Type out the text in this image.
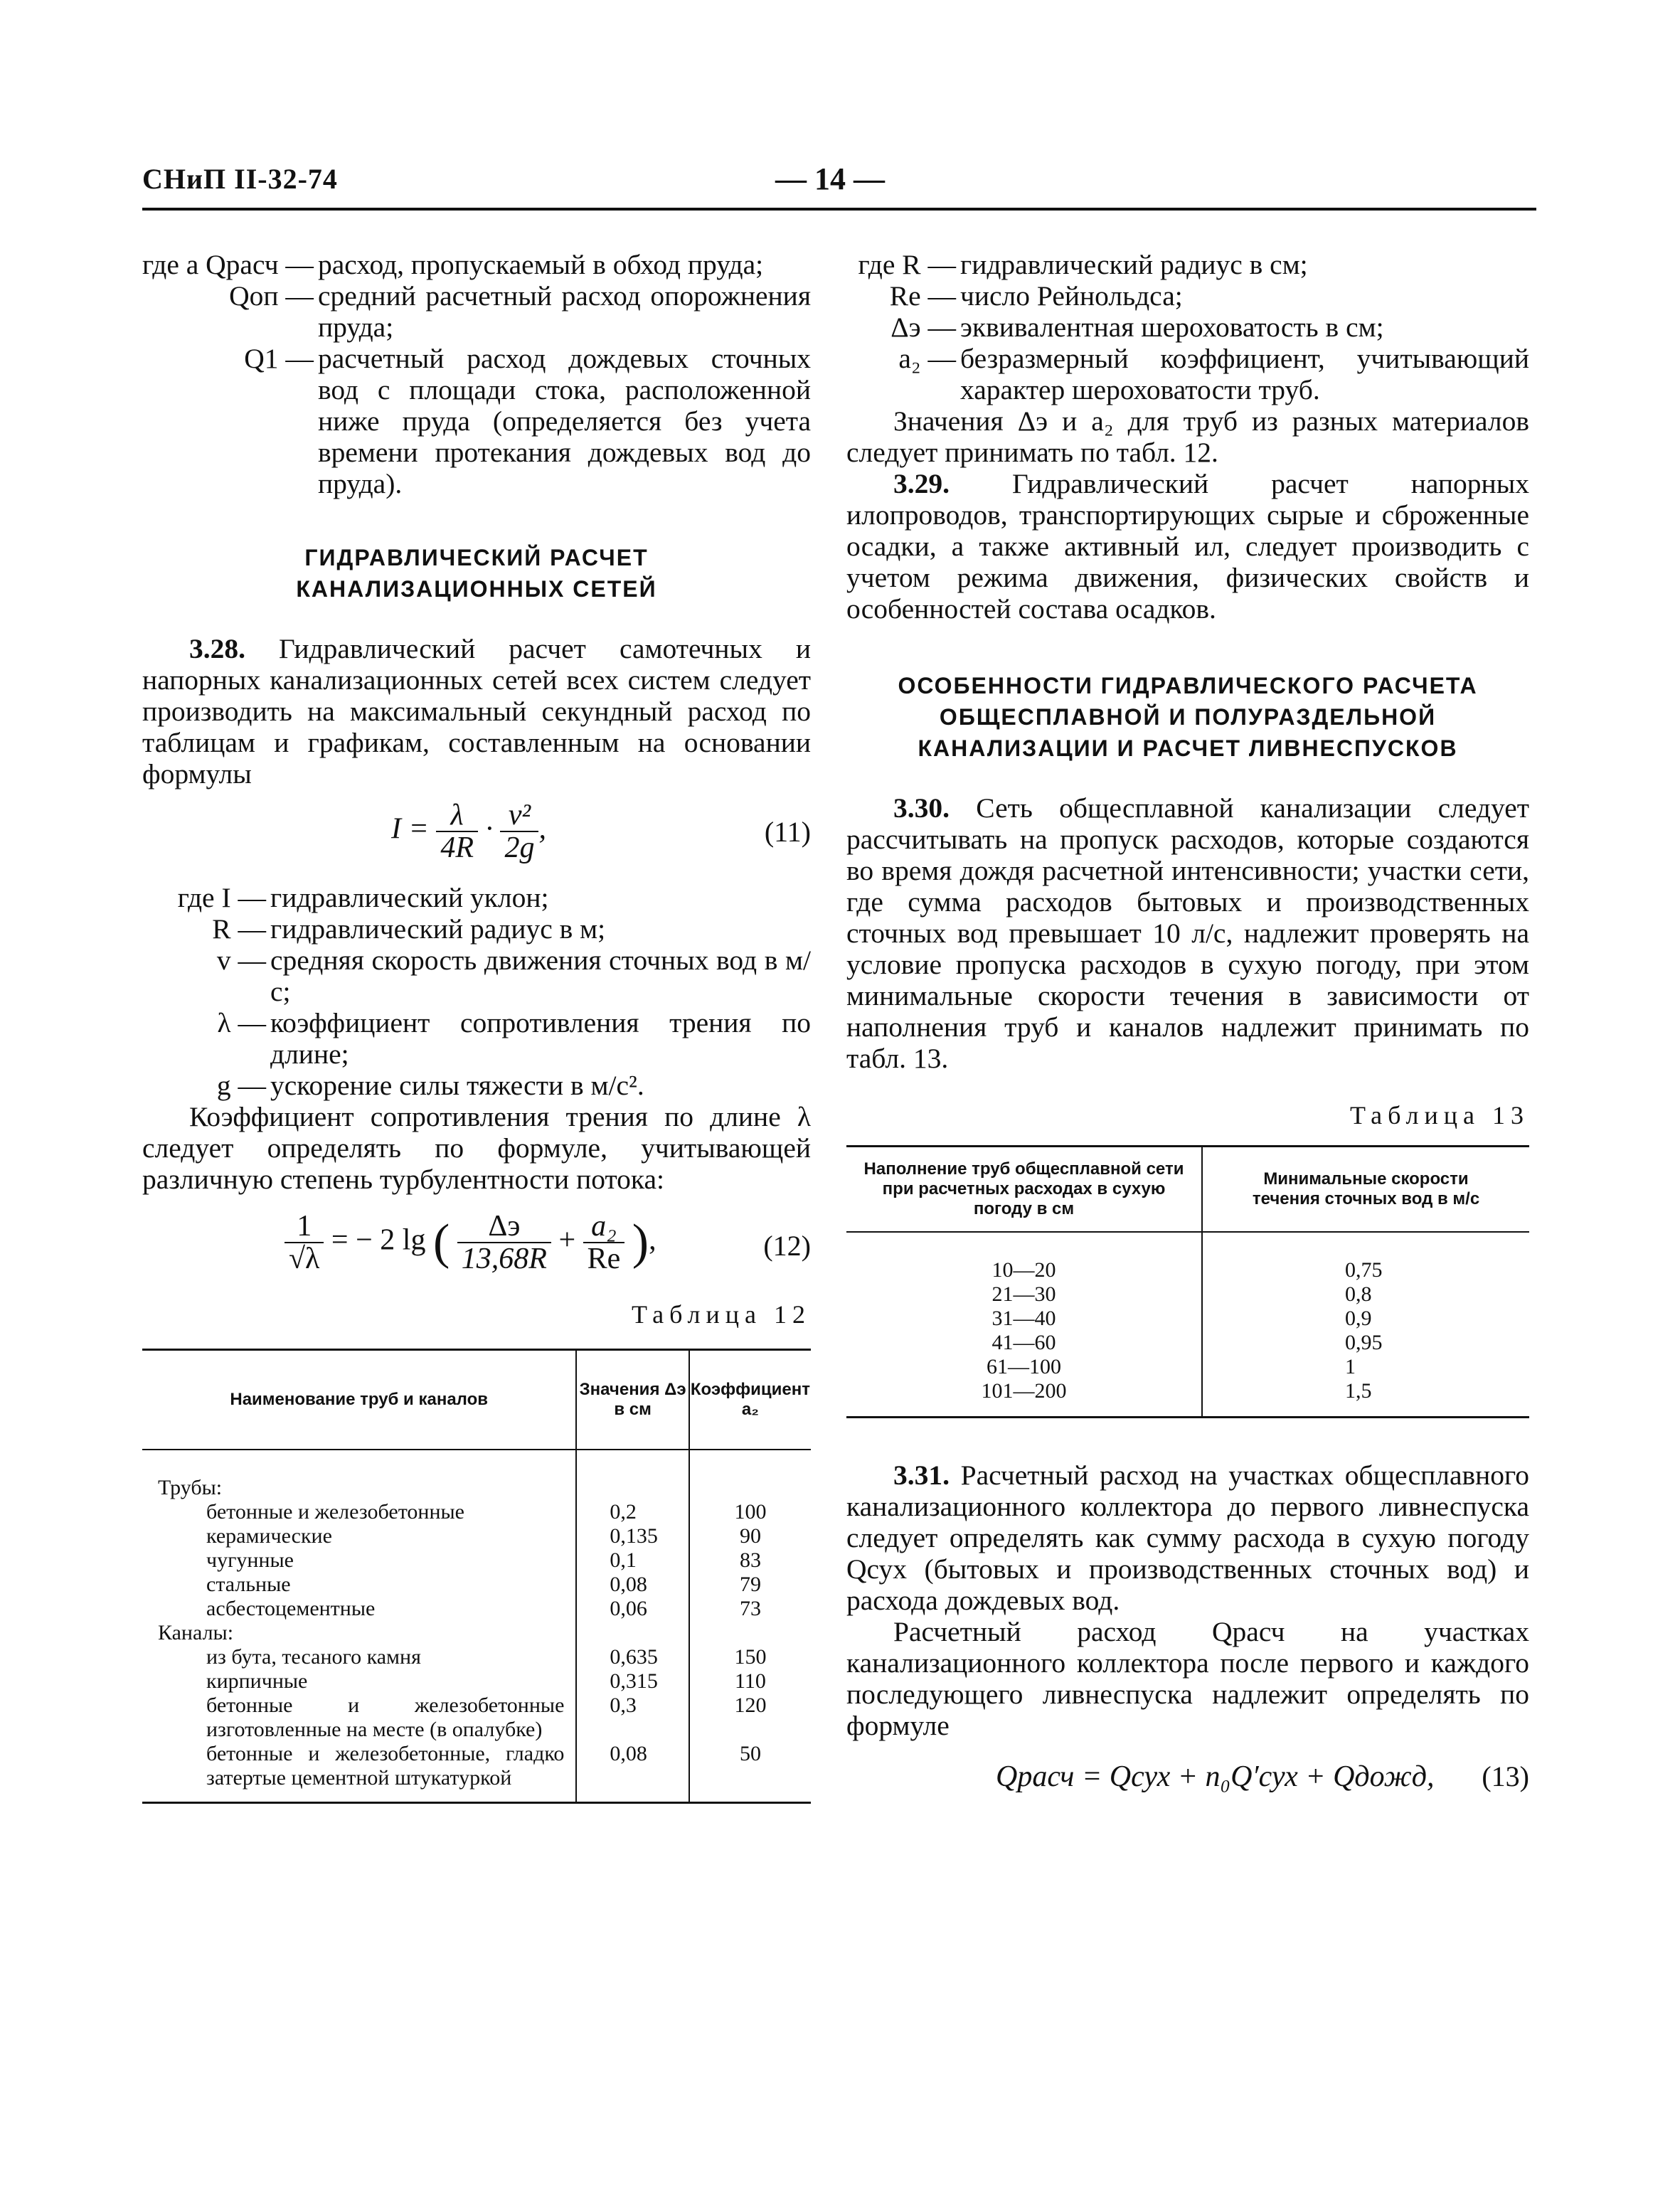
СНиП II-32-74	— 14 —
где a Qрасч —	расход, пропускаемый в обход пруда;
Qоп —	средний расчетный расход опорожнения пруда;
Q1 —	расчетный расход дождевых сточных вод с площади стока, расположенной ниже пруда (определяется без учета времени протекания дождевых вод до пруда).
ГИДРАВЛИЧЕСКИЙ РАСЧЕТ КАНАЛИЗАЦИОННЫХ СЕТЕЙ

3.28. Гидравлический расчет самотечных и напорных канализационных сетей всех систем следует производить на максимальный секундный расход по таблицам и графикам, составленным на основании формулы

$I = \frac{\lambda}{4R} \cdot \frac{\text{v²}}{2g}$ ,	(11)
где I —	гидравлический уклон;
R —	гидравлический радиус в м;
v —	средняя скорость движения сточных вод в м/с;
λ —	коэффициент сопротивления трения по длине;
g —	ускорение силы тяжести в м/с².

Коэффициент сопротивления трения по длине λ следует определять по формуле, учитывающей различную степень турбулентности потока:

$\frac{1}{√\lambda}$ = − 2 lg ( $\frac{\Delta э}{13,68R} + \frac{\text{a₂}}{Re}$ ),	(12)
Таблица 12
Наименование труб и каналов	Значения Δэ в см	Коэффициент a₂
Трубы:		
бетонные и железобетонные	0,2	100
керамические	0,135	90
чугунные	0,1	83
стальные	0,08	79
асбестоцементные	0,06	73
Каналы:		
из бута, тесаного камня	0,635	150
кирпичные	0,315	110
бетонные и железобетонные изготовленные на месте (в опалубке)	0,3	120
бетонные и железобетонные, гладко затертые цементной штукатуркой	0,08	50
где R —	гидравлический радиус в см;
Re —	число Рейнольдса;
Δэ —	эквивалентная шероховатость в см;
a₂ —	безразмерный коэффициент, учитывающий характер шероховатости труб.

Значения Δэ и a₂ для труб из разных материалов следует принимать по табл. 12.

3.29. Гидравлический расчет напорных илопроводов, транспортирующих сырые и сброженные осадки, а также активный ил, следует производить с учетом режима движения, физических свойств и особенностей состава осадков.

ОСОБЕННОСТИ ГИДРАВЛИЧЕСКОГО РАСЧЕТА ОБЩЕСПЛАВНОЙ И ПОЛУРАЗДЕЛЬНОЙ КАНАЛИЗАЦИИ И РАСЧЕТ ЛИВНЕСПУСКОВ

3.30. Сеть общесплавной канализации следует рассчитывать на пропуск расходов, которые создаются во время дождя расчетной интенсивности; участки сети, где сумма расходов бытовых и производственных сточных вод превышает 10 л/с, надлежит проверять на условие пропуска расходов в сухую погоду, при этом минимальные скорости течения в зависимости от наполнения труб и каналов надлежит принимать по табл. 13.

Таблица 13
Наполнение труб общесплавной сети при расчетных расходах в сухую погоду в см	Минимальные скорости течения сточных вод в м/с
10—20	0,75
21—30	0,8
31—40	0,9
41—60	0,95
61—100	1
101—200	1,5

3.31. Расчетный расход на участках общесплавного канализационного коллектора до первого ливнеспуска следует определять как сумму расхода в сухую погоду Qсух (бытовых и производственных сточных вод) и расхода дождевых вод.

Расчетный расход Qрасч на участках канализационного коллектора после первого и каждого последующего ливнеспуска надлежит определять по формуле

Qрасч = Qсух + n₀Q′сух + Qдожд, (13)
